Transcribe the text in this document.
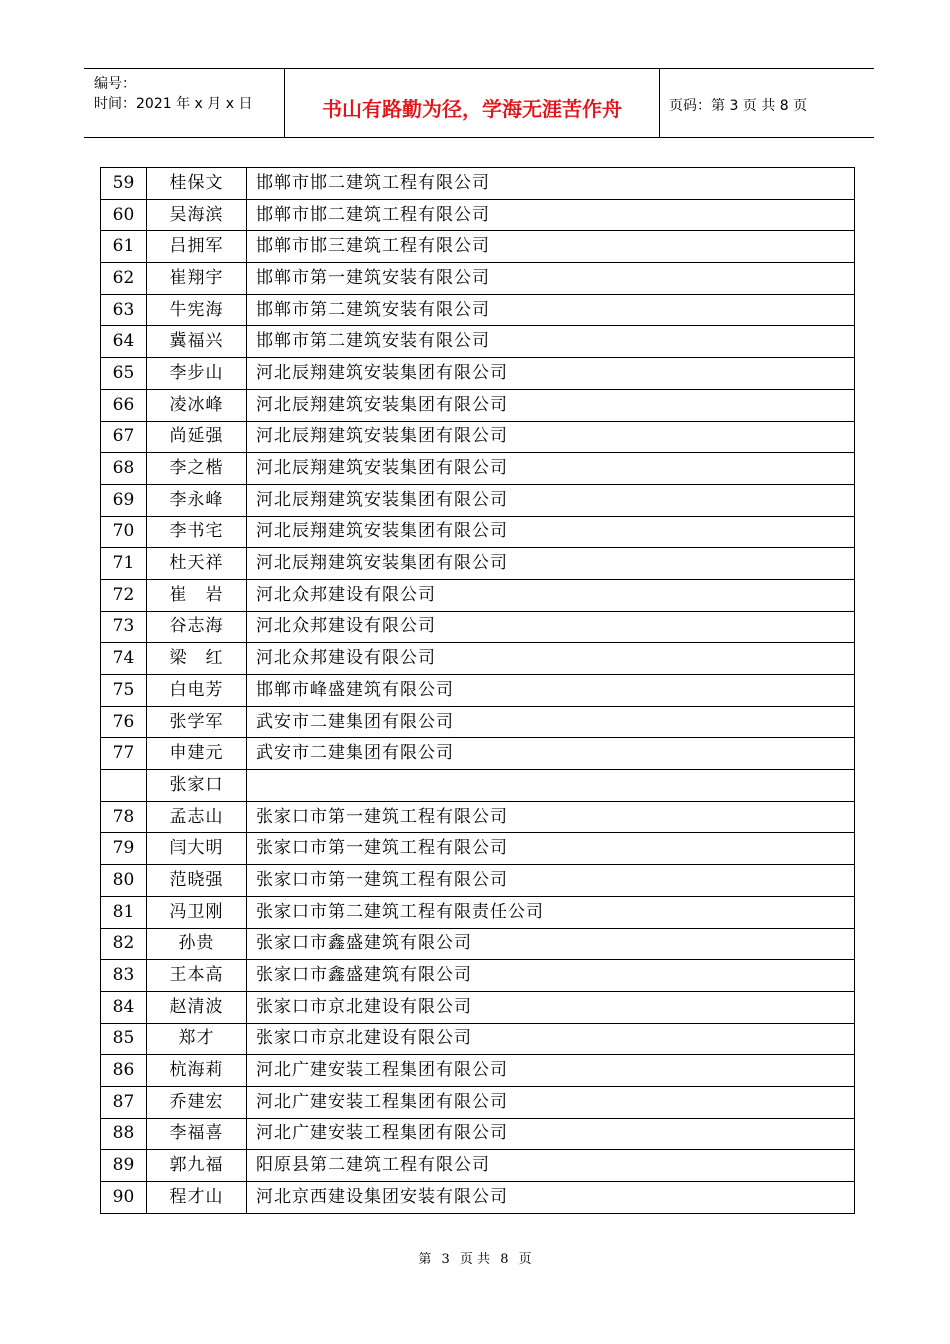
编号：
时间：2021 年 x 月 x 日	书山有路勤为径，学海无涯苦作舟	页码：第 3 页 共 8 页
59	桂保文	邯郸市邯二建筑工程有限公司
60	吴海滨	邯郸市邯二建筑工程有限公司
61	吕拥军	邯郸市邯三建筑工程有限公司
62	崔翔宇	邯郸市第一建筑安装有限公司
63	牛宪海	邯郸市第二建筑安装有限公司
64	冀福兴	邯郸市第二建筑安装有限公司
65	李步山	河北辰翔建筑安装集团有限公司
66	凌冰峰	河北辰翔建筑安装集团有限公司
67	尚延强	河北辰翔建筑安装集团有限公司
68	李之楷	河北辰翔建筑安装集团有限公司
69	李永峰	河北辰翔建筑安装集团有限公司
70	李书宅	河北辰翔建筑安装集团有限公司
71	杜天祥	河北辰翔建筑安装集团有限公司
72	崔　岩	河北众邦建设有限公司
73	谷志海	河北众邦建设有限公司
74	梁　红	河北众邦建设有限公司
75	白电芳	邯郸市峰盛建筑有限公司
76	张学军	武安市二建集团有限公司
77	申建元	武安市二建集团有限公司
	张家口	
78	孟志山	张家口市第一建筑工程有限公司
79	闫大明	张家口市第一建筑工程有限公司
80	范晓强	张家口市第一建筑工程有限公司
81	冯卫刚	张家口市第二建筑工程有限责任公司
82	孙贵	张家口市鑫盛建筑有限公司
83	王本高	张家口市鑫盛建筑有限公司
84	赵清波	张家口市京北建设有限公司
85	郑才	张家口市京北建设有限公司
86	杭海莉	河北广建安装工程集团有限公司
87	乔建宏	河北广建安装工程集团有限公司
88	李福喜	河北广建安装工程集团有限公司
89	郭九福	阳原县第二建筑工程有限公司
90	程才山	河北京西建设集团安装有限公司
第 3 页 共 8 页
